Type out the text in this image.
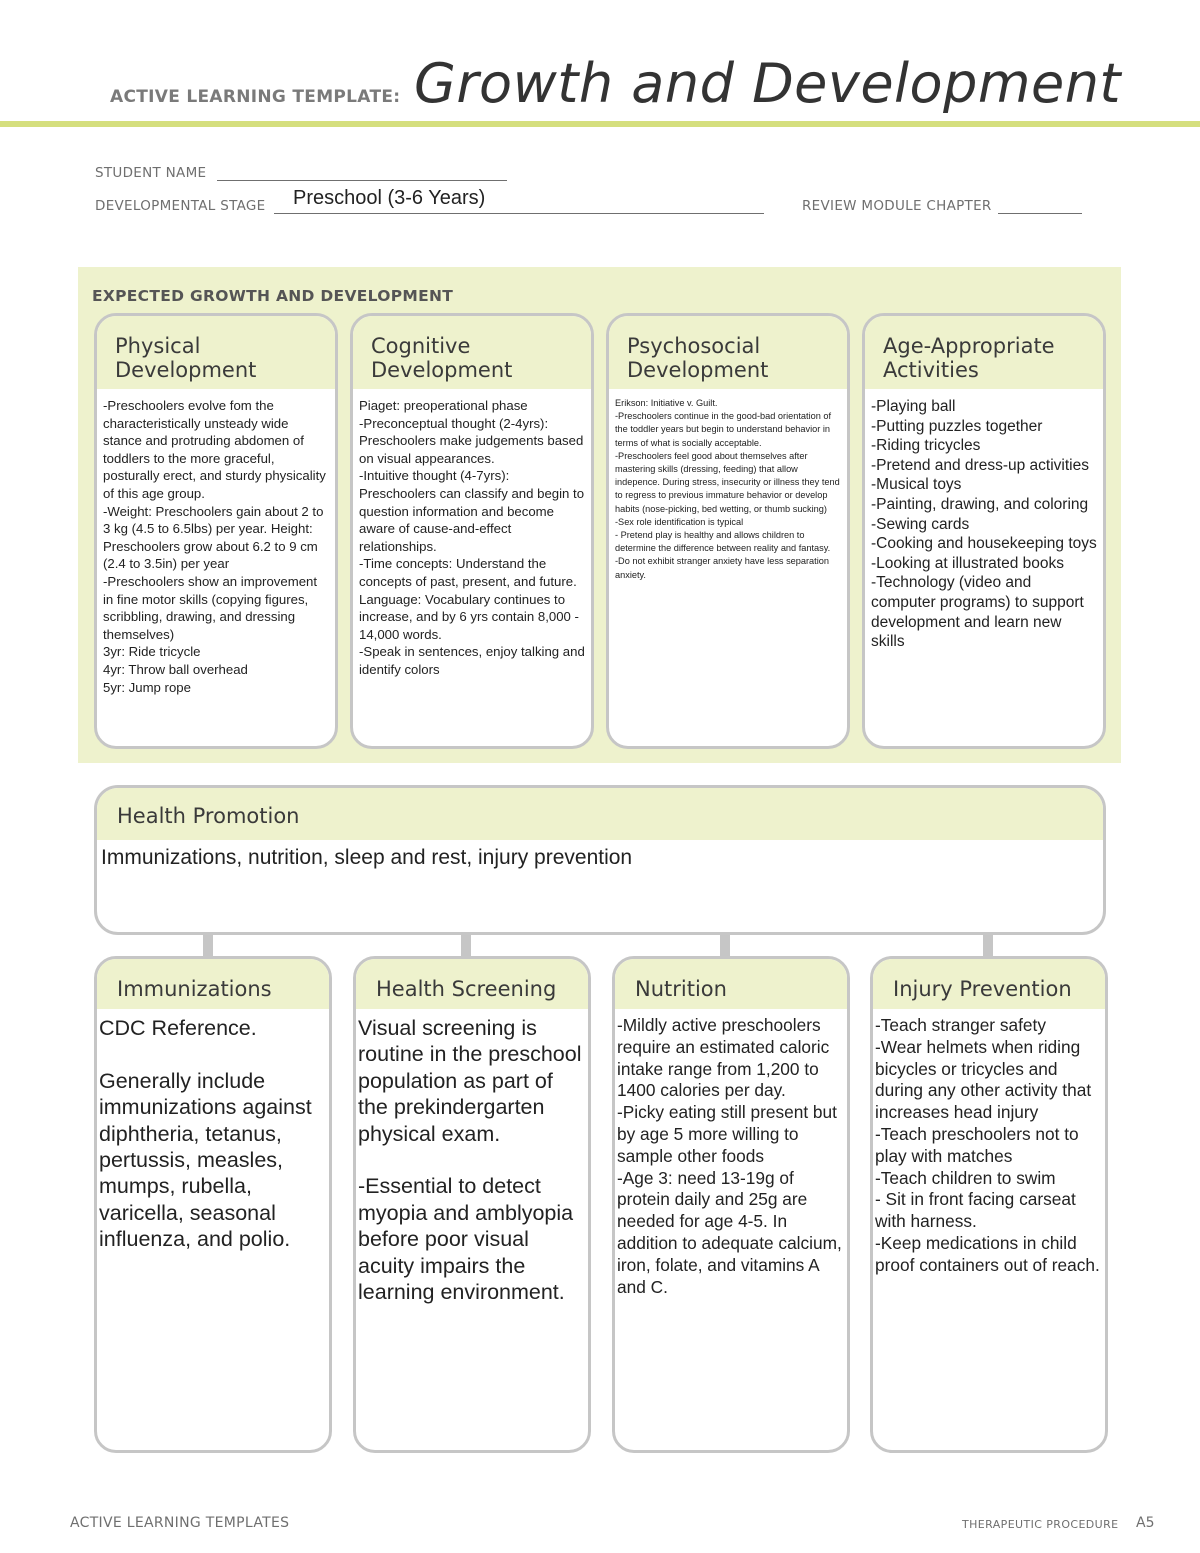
ACTIVE LEARNING TEMPLATE: Growth and Development
STUDENT NAME
DEVELOPMENTAL STAGE	Preschool (3-6 Years)	REVIEW MODULE CHAPTER
EXPECTED GROWTH AND DEVELOPMENT
Physical
Development
-Preschoolers evolve fom the characteristically unsteady wide stance and protruding abdomen of toddlers to the more graceful, posturally erect, and sturdy physicality of this age group.
-Weight: Preschoolers gain about 2 to 3 kg (4.5 to 6.5lbs) per year. Height: Preschoolers grow about 6.2 to 9 cm (2.4 to 3.5in) per year
-Preschoolers show an improvement in fine motor skills (copying figures, scribbling, drawing, and dressing themselves)
3yr: Ride tricycle
4yr: Throw ball overhead
5yr: Jump rope
Cognitive
Development
Piaget: preoperational phase
-Preconceptual thought (2-4yrs): Preschoolers make judgements based on visual appearances.
-Intuitive thought (4-7yrs): Preschoolers can classify and begin to question information and become aware of cause-and-effect relationships.
-Time concepts: Understand the concepts of past, present, and future.
Language: Vocabulary continues to increase, and by 6 yrs contain 8,000 - 14,000 words.
-Speak in sentences, enjoy talking and identify colors
Psychosocial
Development
Erikson: Initiative v. Guilt.
-Preschoolers continue in the good-bad orientation of the toddler years but begin to understand behavior in terms of what is socially acceptable.
-Preschoolers feel good about themselves after mastering skills (dressing, feeding) that allow indepence. During stress, insecurity or illness they tend to regress to previous immature behavior or develop habits (nose-picking, bed wetting, or thumb sucking)
-Sex role identification is typical
- Pretend play is healthy and allows children to determine the difference between reality and fantasy.
-Do not exhibit stranger anxiety have less separation anxiety.
Age-Appropriate
Activities
-Playing ball
-Putting puzzles together
-Riding tricycles
-Pretend and dress-up activities
-Musical toys
-Painting, drawing, and coloring
-Sewing cards
-Cooking and housekeeping toys
-Looking at illustrated books
-Technology (video and computer programs) to support development and learn new skills
Health Promotion
Immunizations, nutrition, sleep and rest, injury prevention
Immunizations
CDC Reference.

Generally include immunizations against diphtheria, tetanus, pertussis, measles, mumps, rubella, varicella, seasonal influenza, and polio.
Health Screening
Visual screening is routine in the preschool population as part of the prekindergarten physical exam.

-Essential to detect myopia and amblyopia before poor visual acuity impairs the learning environment.
Nutrition
-Mildly active preschoolers require an estimated caloric intake range from 1,200 to 1400 calories per day.
-Picky eating still present but by age 5 more willing to sample other foods
-Age 3: need 13-19g of protein daily and 25g are needed for age 4-5. In addition to adequate calcium, iron, folate, and vitamins A and C.
Injury Prevention
-Teach stranger safety
-Wear helmets when riding bicycles or tricycles and during any other activity that increases head injury
-Teach preschoolers not to play with matches
-Teach children to swim
- Sit in front facing carseat with harness.
-Keep medications in child proof containers out of reach.
ACTIVE LEARNING TEMPLATES	THERAPEUTIC PROCEDURE A5
